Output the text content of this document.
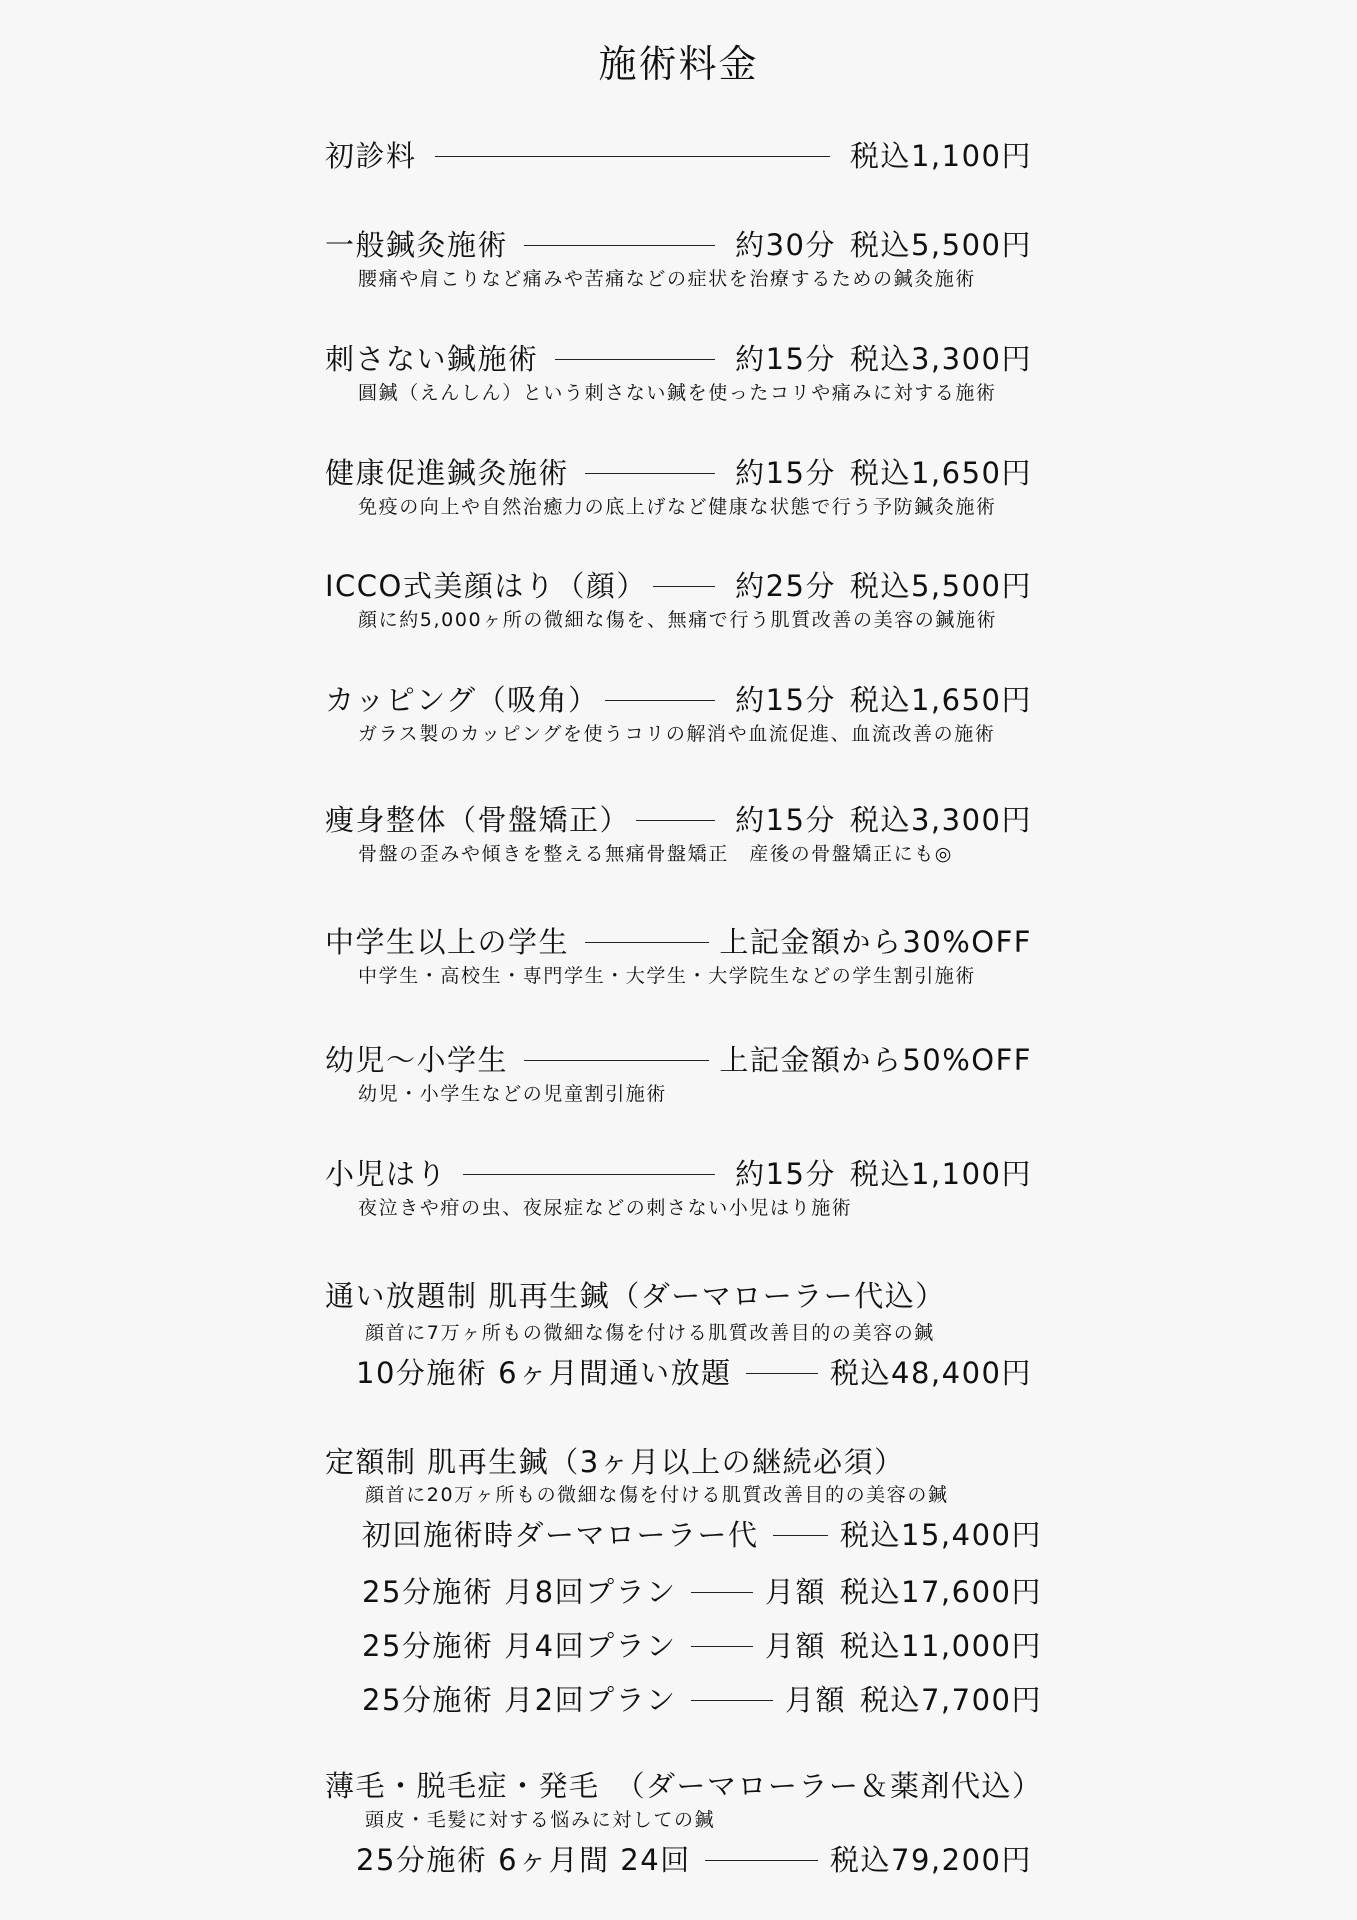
施術料金
初診料	税込1,100円
一般鍼灸施術	約30分 税込5,500円
腰痛や肩こりなど痛みや苦痛などの症状を治療するための鍼灸施術
刺さない鍼施術	約15分 税込3,300円
圓鍼（えんしん）という刺さない鍼を使ったコリや痛みに対する施術
健康促進鍼灸施術	約15分 税込1,650円
免疫の向上や自然治癒力の底上げなど健康な状態で行う予防鍼灸施術
ICCO式美顔はり（顔）	約25分 税込5,500円
顔に約5,000ヶ所の微細な傷を、無痛で行う肌質改善の美容の鍼施術
カッピング（吸角）	約15分 税込1,650円
ガラス製のカッピングを使うコリの解消や血流促進、血流改善の施術
痩身整体（骨盤矯正）	約15分 税込3,300円
骨盤の歪みや傾きを整える無痛骨盤矯正　産後の骨盤矯正にも◎
中学生以上の学生	上記金額から30%OFF
中学生・高校生・専門学生・大学生・大学院生などの学生割引施術
幼児〜小学生	上記金額から50%OFF
幼児・小学生などの児童割引施術
小児はり	約15分 税込1,100円
夜泣きや疳の虫、夜尿症などの刺さない小児はり施術
通い放題制 肌再生鍼（ダーマローラー代込）
顔首に7万ヶ所もの微細な傷を付ける肌質改善目的の美容の鍼
10分施術 6ヶ月間通い放題	税込48,400円
定額制 肌再生鍼（3ヶ月以上の継続必須）
顔首に20万ヶ所もの微細な傷を付ける肌質改善目的の美容の鍼
初回施術時ダーマローラー代	税込15,400円
25分施術 月8回プラン	月額 税込17,600円
25分施術 月4回プラン	月額 税込11,000円
25分施術 月2回プラン	月額 税込7,700円
薄毛・脱毛症・発毛　（ダーマローラー＆薬剤代込）
頭皮・毛髪に対する悩みに対しての鍼
25分施術 6ヶ月間 24回	税込79,200円
